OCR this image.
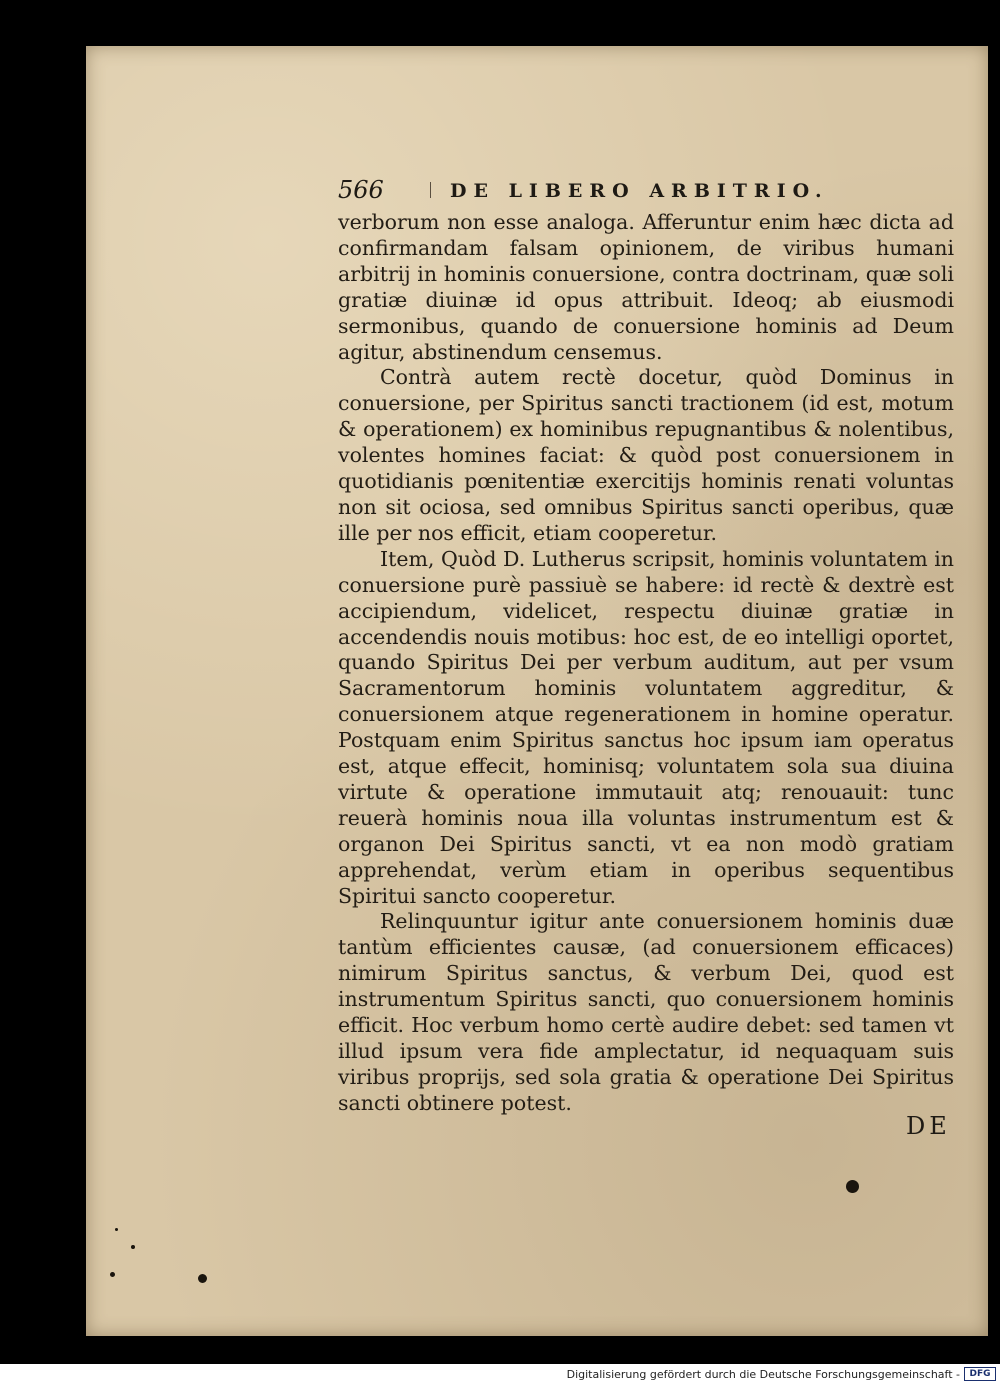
566	DE LIBERO ARBITRIO.

verborum non esse analoga. Afferuntur enim hæc dicta ad confirmandam falsam opinionem, de viribus humani arbitrij in hominis conuersione, contra doctrinam, quæ soli gratiæ diuinæ id opus attribuit. Ideoq; ab eiusmodi sermonibus, quando de conuersione hominis ad Deum agitur, abstinendum censemus.

Contrà autem rectè docetur, quòd Dominus in conuersione, per Spiritus sancti tractionem (id est, motum & operationem) ex hominibus repugnantibus & nolentibus, volentes homines faciat: & quòd post conuersionem in quotidianis pœnitentiæ exercitijs hominis renati voluntas non sit ociosa, sed omnibus Spiritus sancti operibus, quæ ille per nos efficit, etiam cooperetur.

Item, Quòd D. Lutherus scripsit, hominis voluntatem in conuersione purè passiuè se habere: id rectè & dextrè est accipiendum, videlicet, respectu diuinæ gratiæ in accendendis nouis motibus: hoc est, de eo intelligi oportet, quando Spiritus Dei per verbum auditum, aut per vsum Sacramentorum hominis voluntatem aggreditur, & conuersionem atque regenerationem in homine operatur. Postquam enim Spiritus sanctus hoc ipsum iam operatus est, atque effecit, hominisq; voluntatem sola sua diuina virtute & operatione immutauit atq; renouauit: tunc reuerà hominis noua illa voluntas instrumentum est & organon Dei Spiritus sancti, vt ea non modò gratiam apprehendat, verùm etiam in operibus sequentibus Spiritui sancto cooperetur.

Relinquuntur igitur ante conuersionem hominis duæ tantùm efficientes causæ, (ad conuersionem efficaces) nimirum Spiritus sanctus, & verbum Dei, quod est instrumentum Spiritus sancti, quo conuersionem hominis efficit. Hoc verbum homo certè audire debet: sed tamen vt illud ipsum vera fide amplectatur, id nequaquam suis viribus proprijs, sed sola gratia & operatione Dei Spiritus sancti obtinere potest.

DE
Digitalisierung gefördert durch die Deutsche Forschungsgemeinschaft -	DFG
